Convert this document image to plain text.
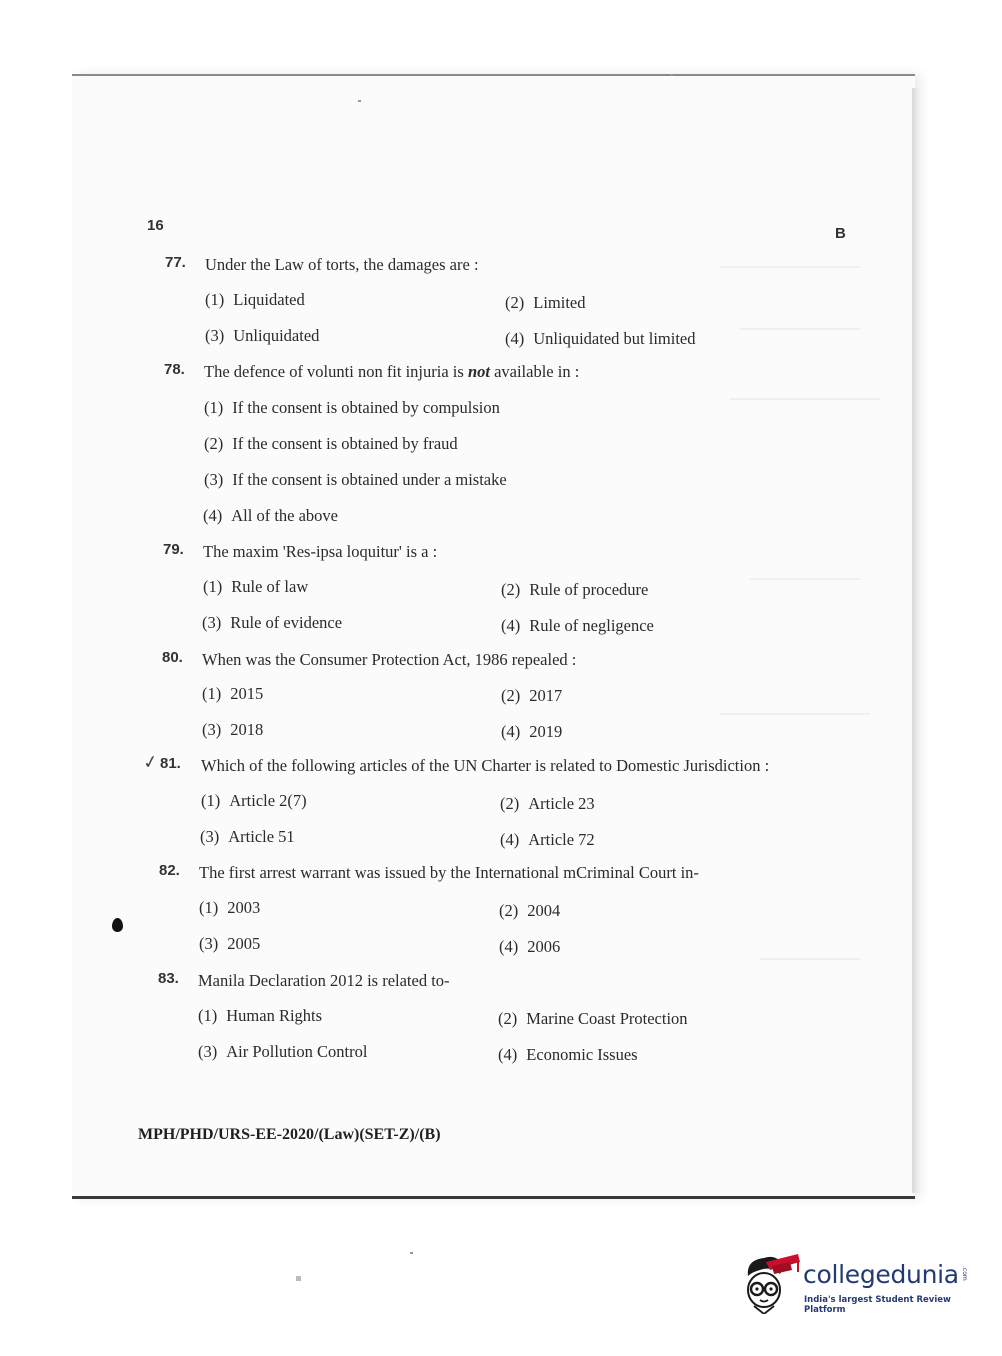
16	B
77. Under the Law of torts, the damages are :
(1) Liquidated	(2) Limited
(3) Unliquidated	(4) Unliquidated but limited
78. The defence of volunti non fit injuria is not available in :
(1) If the consent is obtained by compulsion
(2) If the consent is obtained by fraud
(3) If the consent is obtained under a mistake
(4) All of the above
79. The maxim 'Res-ipsa loquitur' is a :
(1) Rule of law	(2) Rule of procedure
(3) Rule of evidence	(4) Rule of negligence
80. When was the Consumer Protection Act, 1986 repealed :
(1) 2015	(2) 2017
(3) 2018	(4) 2019
✓ 81. Which of the following articles of the UN Charter is related to Domestic Jurisdiction :
(1) Article 2(7)	(2) Article 23
(3) Article 51	(4) Article 72
82. The first arrest warrant was issued by the International mCriminal Court in-
(1) 2003	(2) 2004
(3) 2005	(4) 2006
83. Manila Declaration 2012 is related to-
(1) Human Rights	(2) Marine Coast Protection
(3) Air Pollution Control	(4) Economic Issues
MPH/PHD/URS-EE-2020/(Law)(SET-Z)/(B)
collegedunia .com
India's largest Student Review Platform
